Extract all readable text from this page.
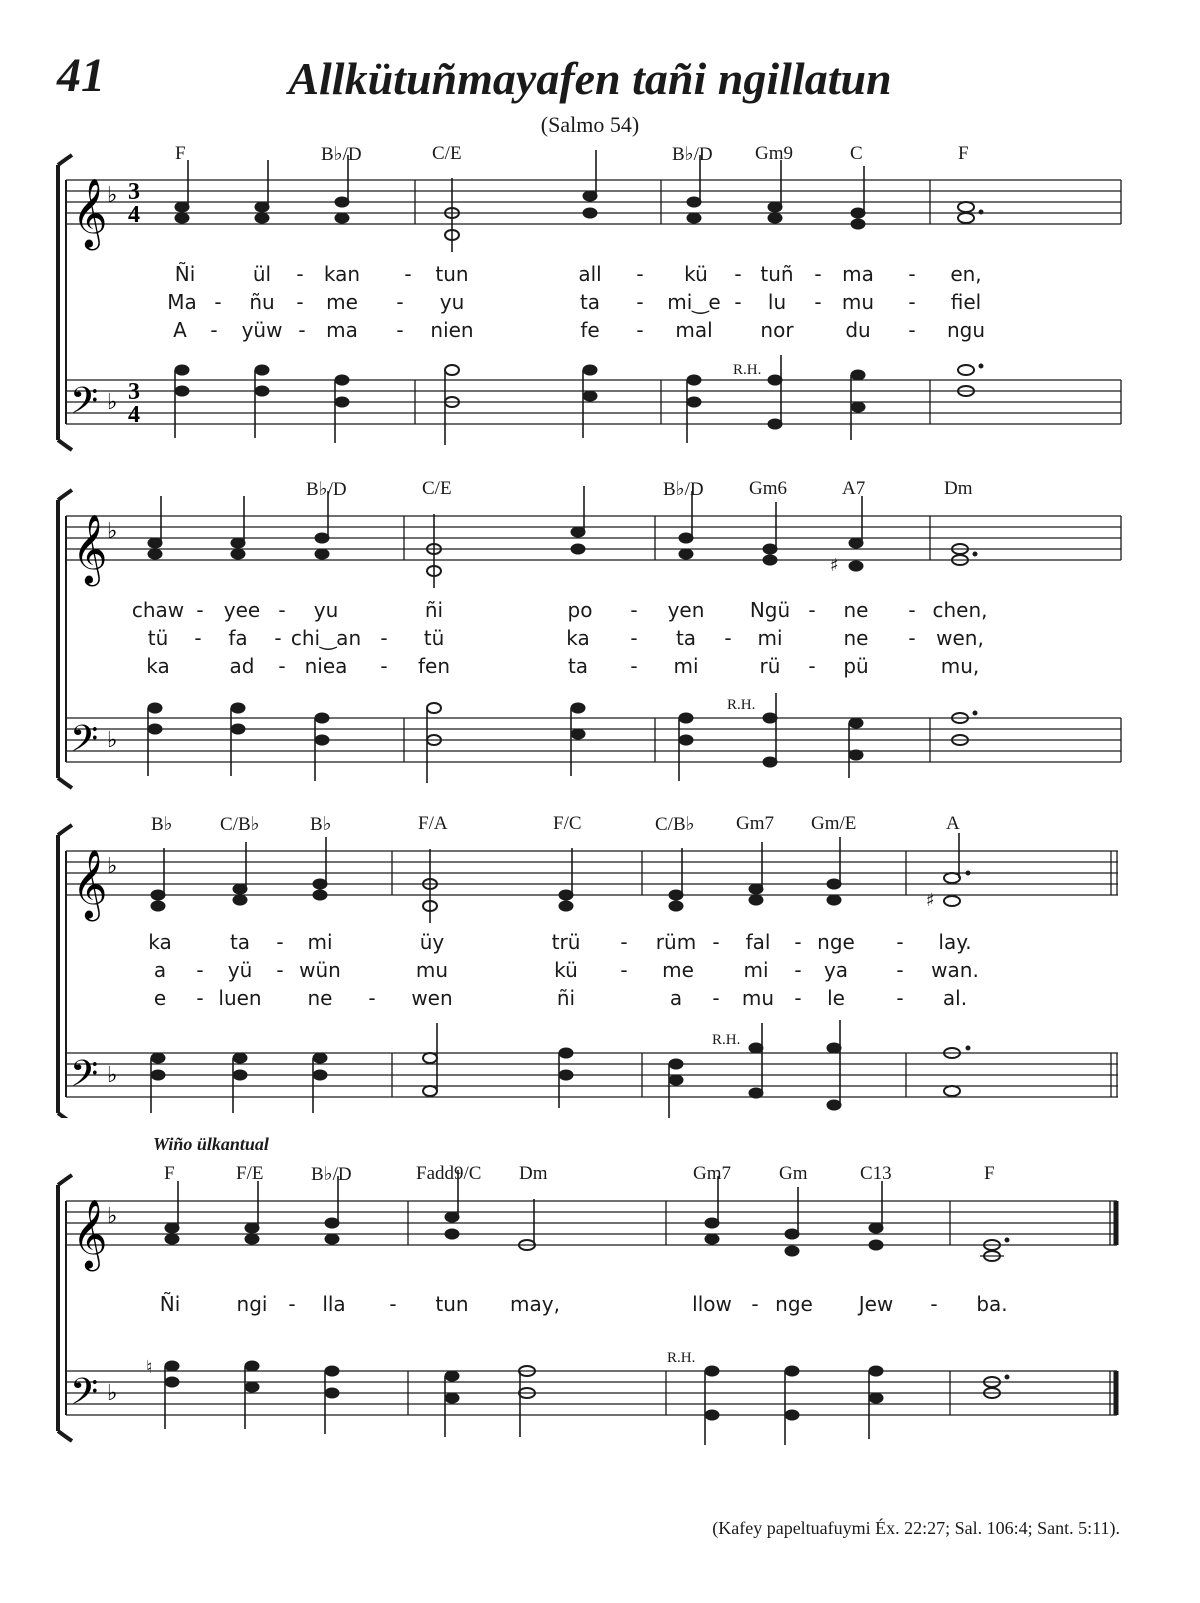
41	Allkütuñmayafen tañi ngillatun
(Salmo 54)
F	B♭/D	C/E	B♭/D Gm9	C	F
𝄞 ♭ 3
4
𝄢 ♭ 3
4
R.H.
Ñi	ül - kan - tun	all - kü - tuñ - ma - en,
Ma - ñu - me - yu	ta - mi‿e - lu - mu - fiel
A - yüw - ma - nien	fe - mal nor	du - ngu
B♭/D	C/E	B♭/D Gm6	A7	Dm
𝄞 ♭
𝄢 ♭
♯
R.H.
chaw - yee - yu	ñi	po - yen Ngü - ne - chen,
tü - fa - chi‿an - tü	ka - ta - mi	ne - wen,
ka	ad - niea - fen	ta - mi	rü - pü	mu,
B♭ C/B♭	B♭	F/A	F/C	C/B♭ Gm7 Gm/E	A
𝄞 ♭
𝄢 ♭
♯
R.H.
ka	ta - mi	üy	trü - rüm - fal - nge - lay.
a - yü - wün	mu	kü - me mi - ya - wan.
e - luen ne - wen	ñi	a - mu - le	- al.
Wiño ülkantual
F	F/E	B♭/D	Fadd9/C Dm	Gm7	Gm	C13	F
𝄞 ♭
𝄢 ♭
♮	R.H.
Ñi	ngi - lla - tun may,	llow - nge Jew - ba.
(Kafey papeltuafuymi Éx. 22:27; Sal. 106:4; Sant. 5:11).
